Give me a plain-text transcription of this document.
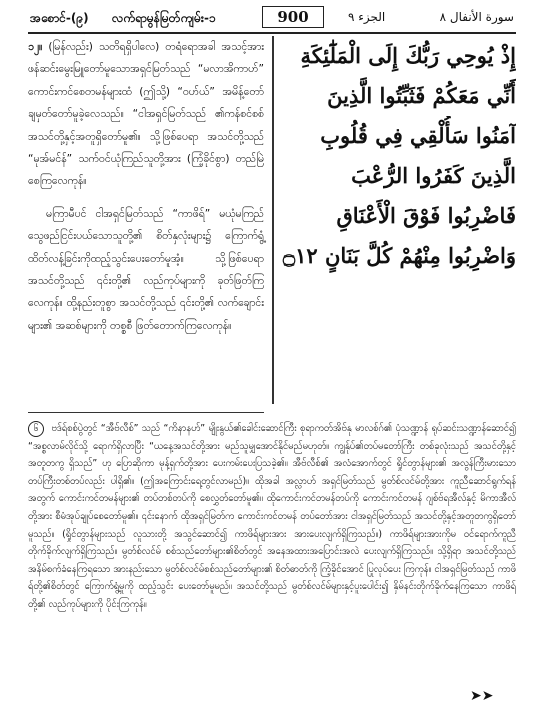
အစောင်-(၉) လက်ရာမွန်မြတ်ကျမ်း-၁	900	الجزء ٩	سورة الأنفال ٨
၁၂။ (မြန်လည်း) သတိရရှိပါလေ) တရံရောအခါ အသင့်အား ဖန်ဆင်းမွေးမြူတော်မူသောအရှင်မြတ်သည် “မလာအိကာဟ်” ကောင်းကင်စေတမန်များထံ (ဤသို့) “ဝဟ်ယ်” အမိန့်တော် ချမှတ်တော်မူခဲ့လေသည်။ “ငါအရှင်မြတ်သည် ၏ကန်စင်စစ် အသင်တို့နှင့်အတူရှိတော်မူ၏။ သို့ဖြစ်ပေရာ အသင်တို့သည် “မုအ်မင်န်” သက်ဝင်ယုံကြည်သူတို့အား (ကြံ့ခိုင်စွာ) တည်မြဲစေကြလေကုန်။
မကြာမီပင် ငါအရှင်မြတ်သည် “ကာဖိရ်” မယုံမကြည် သွေဖည်ငြင်းပယ်သောသူတို့၏ စိတ်နှလုံးများ၌ ကြောက်ရွံ့ထိတ်လန့်ခြင်းကိုထည့်သွင်းပေးတော်မူအံ့။ သို့ဖြစ်ပေရာ အသင်တို့သည် ၎င်းတို့၏ လည်ကုပ်များကို ခုတ်ဖြတ်ကြလေကုန်။ ထို့နည်းတူစွာ အသင်တို့သည် ၎င်းတို့၏ လက်ချောင်းများ၏ အဆစ်များကို တစ္စစီ ဖြတ်တောက်ကြလေကုန်။
إِذْ يُوحِي رَبُّكَ إِلَى الْمَلَٰٓئِكَةِ
أَنِّي مَعَكُمْ فَثَبِّتُوا الَّذِينَ
آمَنُوا سَأُلْقِي فِي قُلُوبِ
الَّذِينَ كَفَرُوا الرُّعْبَ
فَاضْرِبُوا فَوْقَ الْأَعْنَاقِ
وَاضْرِبُوا مِنْهُمْ كُلَّ بَنَانٍ ۝١٢
၆ ဗဒ်ရ်စစ်ပွဲတွင် “အီဗ်လီစ်” သည် “ကိနာနဟ်” မျိုးနွယ်၏ခေါင်းဆောင်ကြီး စုရာကတ်အိဗ်နု မာလစ်ဂ်၏ ပုံသဏ္ဍာန် ရုပ်ဆင်းသဏ္ဍာန်ဆောင်၍ “အစ္စလာမ်လိုင်သို့ ရောက်ရှိလာပြီး “ယနေ့အသင်တို့အား မည်သူမျှအောင်နိုင်မည်မဟုတ်။ ကျွန်ုပ်၏တပ်မတော်ကြီး တစ်ခုလုံးသည် အသင်တို့နှင့်အတူတကွ ရှိသည်” ဟု ပြောဆိုကာ မုန့်ရှက်တို့အား ပေးကမ်းပေးပြသခဲ့၏။ အီဗ်လီစ်၏ အလံအောက်တွင် ရှိုင်တွာန်များ၏ အလွန်ကြီးမားသော တပ်ကြီးတစ်တပ်လည်း ပါရှိ၏။ (ဤအကြောင်းရေ့တွင်လာမည်)။ ထိုအခါ အလ္လာဟ် အရှင်မြတ်သည် မွတ်စ်လင်မ်တို့အား ကူညီဆောင်ရွက်ရန်အတွက် ကောင်းကင်တမန်များ၏ တပ်တစ်တပ်ကို စေလွှတ်တော်မူ၏။ ထိုကောင်းကင်တမန်တပ်ကို ကောင်းကင်တမန် ဂျစ်ဗ်ရအီလ်နှင့် မိကာအီလ်တို့အား စီမံအုပ်ချုပ်စေတော်မူ၏။ ၎င်းနောက် ထိုအရှင်မြတ်က ကောင်းကင်တမန် တပ်တော်အား ငါအရှင်မြတ်သည် အသင်တို့နှင့်အတူတကွရှိတော်မူသည်။ (ရှိုင်တွာန်များသည် လူသားတို့ အသွင်ဆောင်၍ ကာဖိရ်များအား အားပေးလျက်ရှိကြသည်။) ကာဖိရ်များအားကိုမ ဝင်ရောက်ကူညီ တိုက်ခိုက်လျက်ရှိကြသည်။ မွတ်စ်လင်မ် စစ်သည်တော်များ၏စိတ်တွင် အနေအထားအပြောင်းအလဲ ပေးလျက်ရှိကြသည်။ သို့ရှိရာ အသင်တို့သည် အနိမ်စက်ခံနေကြရသော အားနည်းသော မွတ်စ်လင်မ်စစ်သည်တော်များ၏ စိတ်ဓာတ်ကို ကြံ့ခိုင်အောင် ပြုလုပ်ပေး ကြကုန်။ ငါအရှင်မြတ်သည် ကာဖိရ်တို့၏စိတ်တွင် ကြောက်ရွံ့မှုကို ထည့်သွင်း ပေးတော်မူမည်။ အသင်တို့သည် မွတ်စ်လင်မ်များနှင့်ပူးပေါင်း၍ နှိမ်နင်းတိုက်ခိုက်နေကြသော ကာဖိရ်တို့၏ လည်ကုပ်များကို ပိုင်းကြကုန်။
➤➤
